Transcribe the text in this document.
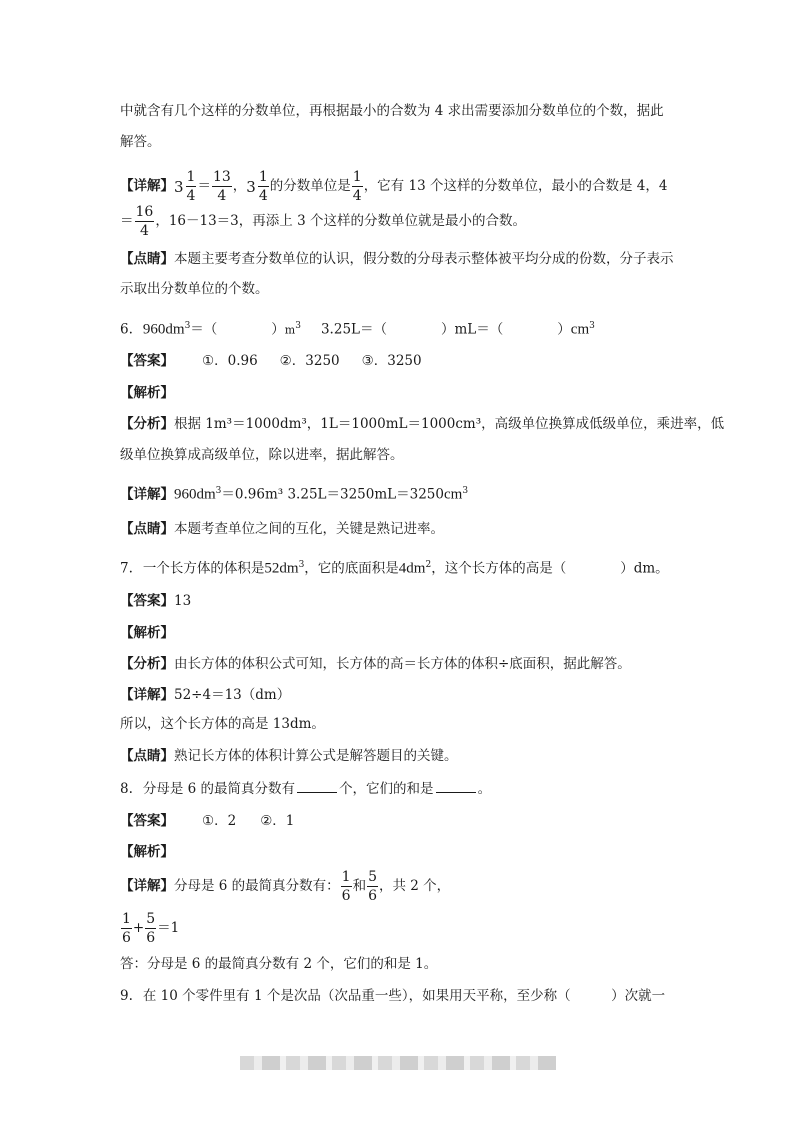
中就含有几个这样的分数单位，再根据最小的合数为 4 求出需要添加分数单位的个数，据此
解答。
【详解】 $3 \frac{1}{4} = \frac{13}{4}$ ， $3 \frac{1}{4}$ 的分数单位是 $\frac{1}{4}$ ，它有 13 个这样的分数单位，最小的合数是 4，4
＝ $\frac{16}{4}$ ，16－13＝3，再添上 3 个这样的分数单位就是最小的合数。
【点睛】本题主要考查分数单位的认识，假分数的分母表示整体被平均分成的份数，分子表示
示取出分数单位的个数。
6. $960dm^3=$（　　　　）$m^3$ 3.25L＝（　　　　）mL＝（　　　　）$cm^3$
【答案】 ①．0.96 ②．3250 ③．3250
【解析】
【分析】根据 1m³＝1000dm³，1L＝1000mL＝1000cm³，高级单位换算成低级单位，乘进率，低
级单位换算成高级单位，除以进率，据此解答。
【详解】$960dm^3=0.96m^3$ $3.25L=3250mL=3250cm^3$
【点睛】本题考查单位之间的互化，关键是熟记进率。
7. 一个长方体的体积是$52dm^3$，它的底面积是$4dm^2$，这个长方体的高是（　　　　）dm。
【答案】13
【解析】
【分析】由长方体的体积公式可知，长方体的高＝长方体的体积÷底面积，据此解答。
【详解】52÷4＝13（dm）
所以，这个长方体的高是 13dm。
【点睛】熟记长方体的体积计算公式是解答题目的关键。
8. 分母是 6 的最简真分数有	个，它们的和是	。
【答案】 ①．2 ②．1
【解析】
【详解】分母是 6 的最简真分数有： $\frac{1}{6}$ 和 $\frac{5}{6}$ ，共 2 个，
$\frac{1}{6} + \frac{5}{6} =1$
答：分母是 6 的最简真分数有 2 个，它们的和是 1。
9. 在 10 个零件里有 1 个是次品（次品重一些），如果用天平称，至少称（　　　）次就一
